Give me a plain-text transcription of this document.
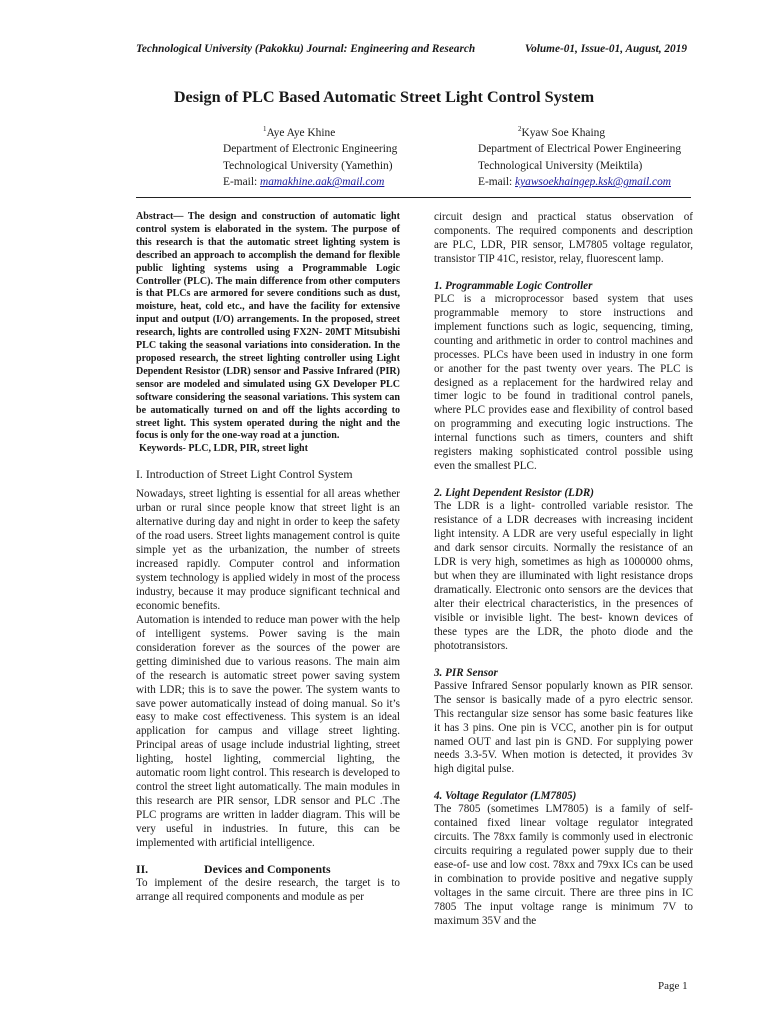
Technological University (Pakokku) Journal: Engineering and Research	Volume-01, Issue-01, August, 2019
Design of PLC Based Automatic Street Light Control System
$^1$Aye Aye Khine
Department of Electronic Engineering
Technological University (Yamethin)
E-mail: mamakhine.aak@mail.com
$^2$Kyaw Soe Khaing
Department of Electrical Power Engineering
Technological University (Meiktila)
E-mail: kyawsoekhaingep.ksk@gmail.com

Abstract— The design and construction of automatic light control system is elaborated in the system. The purpose of this research is that the automatic street lighting system is described an approach to accomplish the demand for flexible public lighting systems using a Programmable Logic Controller (PLC). The main difference from other computers is that PLCs are armored for severe conditions such as dust, moisture, heat, cold etc., and have the facility for extensive input and output (I/O) arrangements. In the proposed, street research, lights are controlled using FX2N- 20MT Mitsubishi PLC taking the seasonal variations into consideration. In the proposed research, the street lighting controller using Light Dependent Resistor (LDR) sensor and Passive Infrared (PIR) sensor are modeled and simulated using GX Developer PLC software considering the seasonal variations. This system can be automatically turned on and off the lights according to street light. This system operated during the night and the focus is only for the one-way road at a junction.

Keywords- PLC, LDR, PIR, street light

I. Introduction of Street Light Control System

Nowadays, street lighting is essential for all areas whether urban or rural since people know that street light is an alternative during day and night in order to keep the safety of the road users. Street lights management control is quite simple yet as the urbanization, the number of streets increased rapidly. Computer control and information system technology is applied widely in most of the process industry, because it may produce significant technical and economic benefits.

Automation is intended to reduce man power with the help of intelligent systems. Power saving is the main consideration forever as the sources of the power are getting diminished due to various reasons. The main aim of the research is automatic street power saving system with LDR; this is to save the power. The system wants to save power automatically instead of doing manual. So it’s easy to make cost effectiveness. This system is an ideal application for campus and village street lighting. Principal areas of usage include industrial lighting, street lighting, hostel lighting, commercial lighting, the automatic room light control. This research is developed to control the street light automatically. The main modules in this research are PIR sensor, LDR sensor and PLC .The PLC programs are written in ladder diagram. This will be very useful in industries. In future, this can be implemented with artificial intelligence.

II.	Devices and Components

To implement of the desire research, the target is to arrange all required components and module as per

circuit design and practical status observation of components. The required components and description are PLC, LDR, PIR sensor, LM7805 voltage regulator, transistor TIP 41C, resistor, relay, fluorescent lamp.

1. Programmable Logic Controller

PLC is a microprocessor based system that uses programmable memory to store instructions and implement functions such as logic, sequencing, timing, counting and arithmetic in order to control machines and processes. PLCs have been used in industry in one form or another for the past twenty over years. The PLC is designed as a replacement for the hardwired relay and timer logic to be found in traditional control panels, where PLC provides ease and flexibility of control based on programming and executing logic instructions. The internal functions such as timers, counters and shift registers making sophisticated control possible using even the smallest PLC.

2. Light Dependent Resistor (LDR)

The LDR is a light- controlled variable resistor. The resistance of a LDR decreases with increasing incident light intensity. A LDR are very useful especially in light and dark sensor circuits. Normally the resistance of an LDR is very high, sometimes as high as 1000000 ohms, but when they are illuminated with light resistance drops dramatically. Electronic onto sensors are the devices that alter their electrical characteristics, in the presences of visible or invisible light. The best- known devices of these types are the LDR, the photo diode and the phototransistors.

3. PIR Sensor

Passive Infrared Sensor popularly known as PIR sensor. The sensor is basically made of a pyro electric sensor. This rectangular size sensor has some basic features like it has 3 pins. One pin is VCC, another pin is for output named OUT and last pin is GND. For supplying power needs 3.3-5V. When motion is detected, it provides 3v high digital pulse.

4. Voltage Regulator (LM7805)

The 7805 (sometimes LM7805) is a family of self-contained fixed linear voltage regulator integrated circuits. The 78xx family is commonly used in electronic circuits requiring a regulated power supply due to their ease-of- use and low cost. 78xx and 79xx ICs can be used in combination to provide positive and negative supply voltages in the same circuit. There are three pins in IC 7805 The input voltage range is minimum 7V to maximum 35V and the

Page 1
